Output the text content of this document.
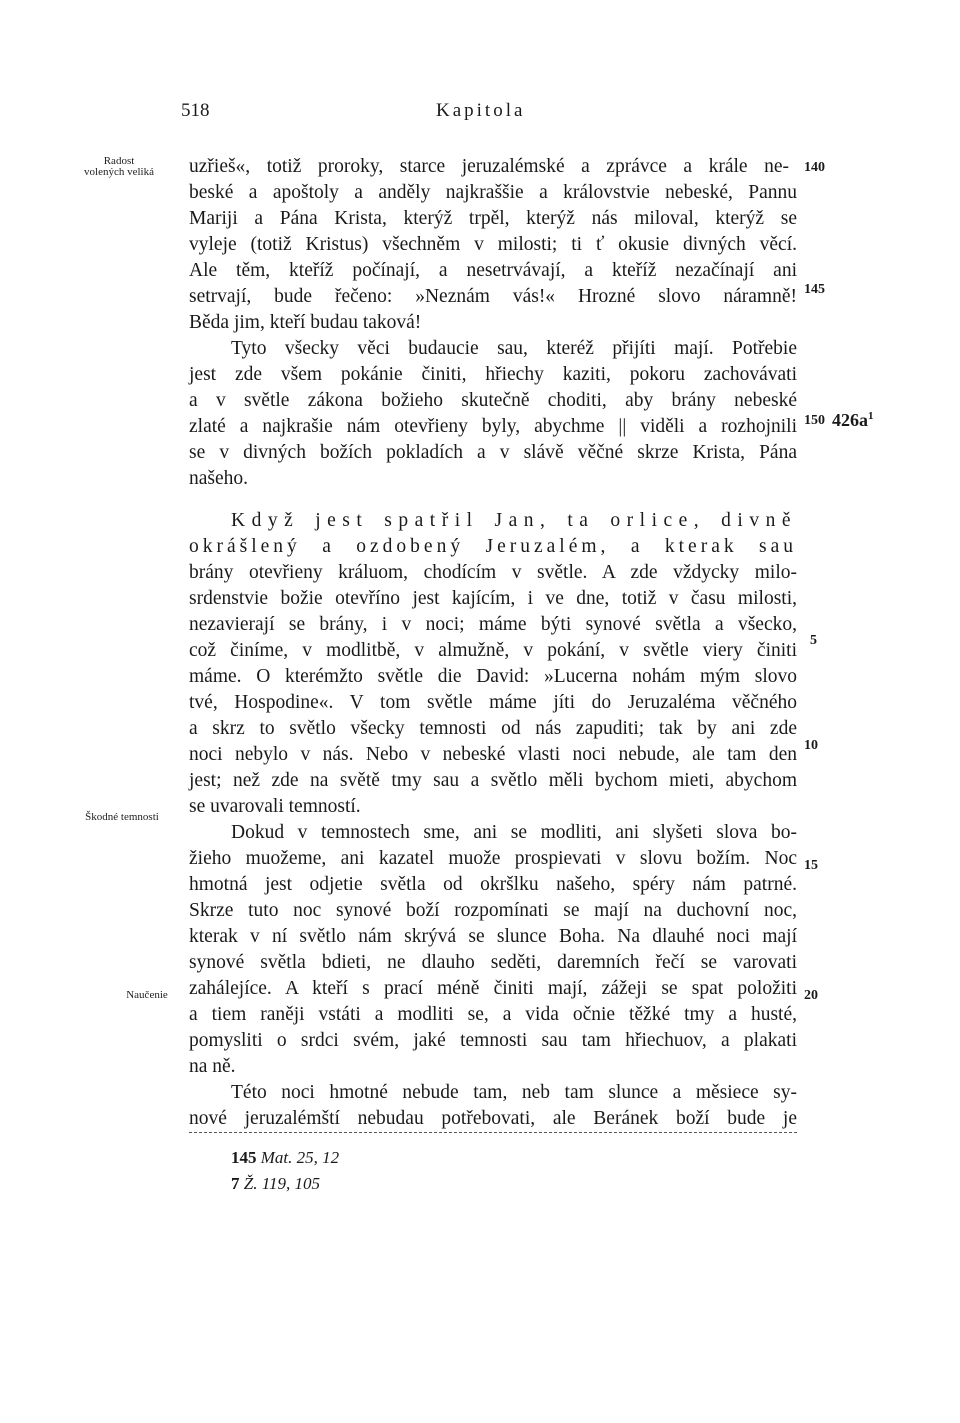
518	Kapitola
Radost volených veliká
Škodné temnosti
Naučenie
140
145
150 $426a^1$
5
10
15
20
uzřieš«, totiž proroky, starce jeruzalémské a zprávce a krále ne-
beské a apoštoly a anděly najkraššie a královstvie nebeské, Pannu
Mariji a Pána Krista, kterýž trpěl, kterýž nás miloval, kterýž se
vyleje (totiž Kristus) všechněm v milosti; ti ť okusie divných věcí.
Ale těm, kteříž počínají, a nesetrvávají, a kteříž nezačínají ani
setrvají, bude řečeno: »Neznám vás!« Hrozné slovo náramně!
Běda jim, kteří budau taková!
Tyto všecky věci budaucie sau, kteréž přijíti mají. Potřebie
jest zde všem pokánie činiti, hřiechy kaziti, pokoru zachovávati
a v světle zákona božieho skutečně choditi, aby brány nebeské
zlaté a najkrašie nám otevřieny byly, abychme || viděli a rozhojnili
se v divných božích pokladích a v slávě věčné skrze Krista, Pána
našeho.
Když jest spatřil Jan, ta orlice, divně
okrášlený a ozdobený Jeruzalém, a kterak sau
brány otevřieny králuom, chodícím v světle. A zde vždycky milo-
srdenstvie božie otevříno jest kajícím, i ve dne, totiž v času milosti,
nezavierají se brány, i v noci; máme býti synové světla a všecko,
což činíme, v modlitbě, v almužně, v pokání, v světle viery činiti
máme. O kterémžto světle die David: »Lucerna nohám mým slovo
tvé, Hospodine«. V tom světle máme jíti do Jeruzaléma věčného
a skrz to světlo všecky temnosti od nás zapuditi; tak by ani zde
noci nebylo v nás. Nebo v nebeské vlasti noci nebude, ale tam den
jest; než zde na světě tmy sau a světlo měli bychom mieti, abychom
se uvarovali temností.
Dokud v temnostech sme, ani se modliti, ani slyšeti slova bo-
žieho muožeme, ani kazatel muože prospievati v slovu božím. Noc
hmotná jest odjetie světla od okršlku našeho, spéry nám patrné.
Skrze tuto noc synové boží rozpomínati se mají na duchovní noc,
kterak v ní světlo nám skrývá se slunce Boha. Na dlauhé noci mají
synové světla bdieti, ne dlauho seděti, daremních řečí se varovati
zahálejíce. A kteří s prací méně činiti mají, zážeji se spat položiti
a tiem raněji vstáti a modliti se, a vida očnie těžké tmy a husté,
pomysliti o srdci svém, jaké temnosti sau tam hřiechuov, a plakati
na ně.
Této noci hmotné nebude tam, neb tam slunce a měsiece sy-
nové jeruzalémští nebudau potřebovati, ale Beránek boží bude je
145 Mat. 25, 12
7 Ž. 119, 105
